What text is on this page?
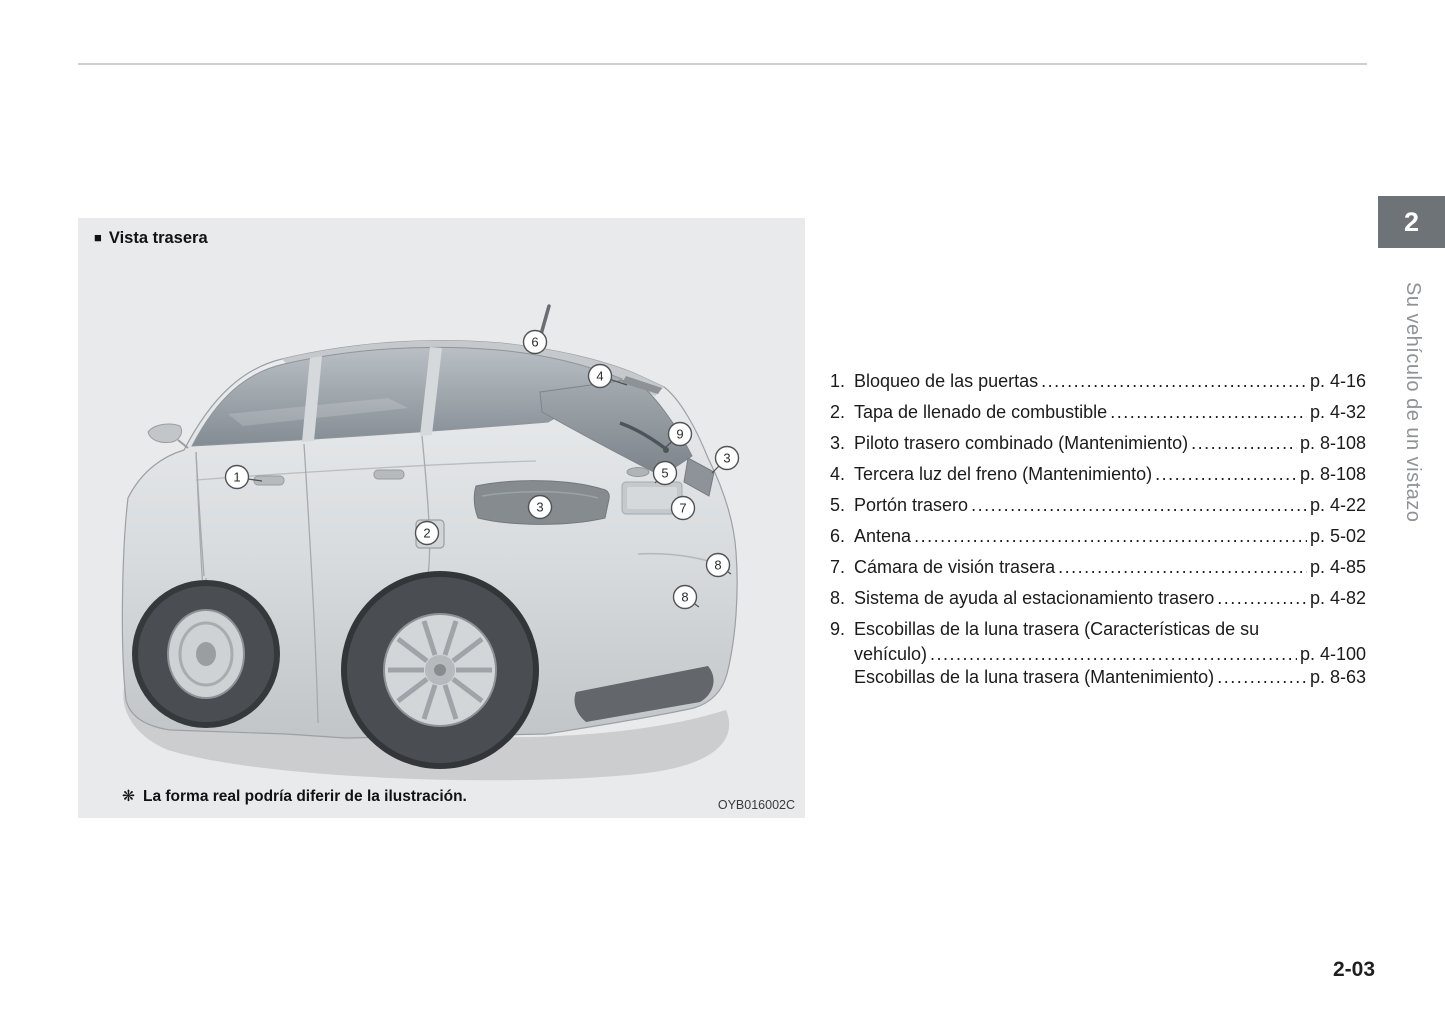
■ Vista trasera
1
2
3
3
4
5
6
7
8
8
9
❋ La forma real podría diferir de la ilustración.	OYB016002C
1. Bloqueo de las puertas .....	p. 4-16
2. Tapa de llenado de combustible .....	p. 4-32
3. Piloto trasero combinado (Mantenimiento) .....	p. 8-108
4. Tercera luz del freno (Mantenimiento) .....	p. 8-108
5. Portón trasero .....	p. 4-22
6. Antena .....	p. 5-02
7. Cámara de visión trasera .....	p. 4-85
8. Sistema de ayuda al estacionamiento trasero .....	p. 4-82
9. Escobillas de la luna trasera (Características de su
vehículo) .....	p. 4-100
Escobillas de la luna trasera (Mantenimiento) .....	p. 8-63
2
Su vehículo de un vistazo
2-03
